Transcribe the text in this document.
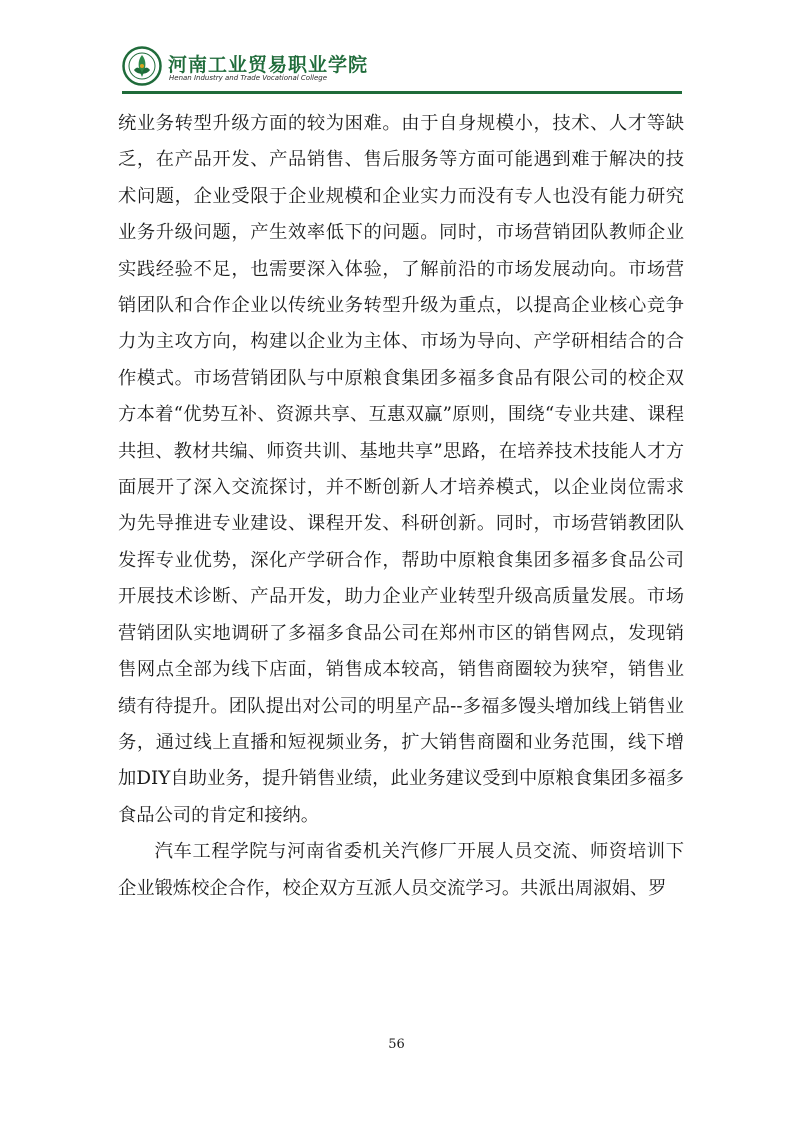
河南工业贸易职业学院
Henan Industry and Trade Vocational College

统业务转型升级方面的较为困难。由于自身规模小，技术、人才等缺乏，在产品开发、产品销售、售后服务等方面可能遇到难于解决的技术问题，企业受限于企业规模和企业实力而没有专人也没有能力研究业务升级问题，产生效率低下的问题。同时，市场营销团队教师企业实践经验不足，也需要深入体验，了解前沿的市场发展动向。市场营销团队和合作企业以传统业务转型升级为重点，以提高企业核心竞争力为主攻方向，构建以企业为主体、市场为导向、产学研相结合的合作模式。市场营销团队与中原粮食集团多福多食品有限公司的校企双方本着“优势互补、资源共享、互惠双赢”原则，围绕“专业共建、课程共担、教材共编、师资共训、基地共享”思路，在培养技术技能人才方面展开了深入交流探讨，并不断创新人才培养模式，以企业岗位需求为先导推进专业建设、课程开发、科研创新。同时，市场营销教团队发挥专业优势，深化产学研合作，帮助中原粮食集团多福多食品公司开展技术诊断、产品开发，助力企业产业转型升级高质量发展。市场营销团队实地调研了多福多食品公司在郑州市区的销售网点，发现销售网点全部为线下店面，销售成本较高，销售商圈较为狭窄，销售业绩有待提升。团队提出对公司的明星产品--多福多馒头增加线上销售业务，通过线上直播和短视频业务，扩大销售商圈和业务范围，线下增加DIY自助业务，提升销售业绩，此业务建议受到中原粮食集团多福多食品公司的肯定和接纳。

汽车工程学院与河南省委机关汽修厂开展人员交流、师资培训下企业锻炼校企合作，校企双方互派人员交流学习。共派出周淑娟、罗

56
